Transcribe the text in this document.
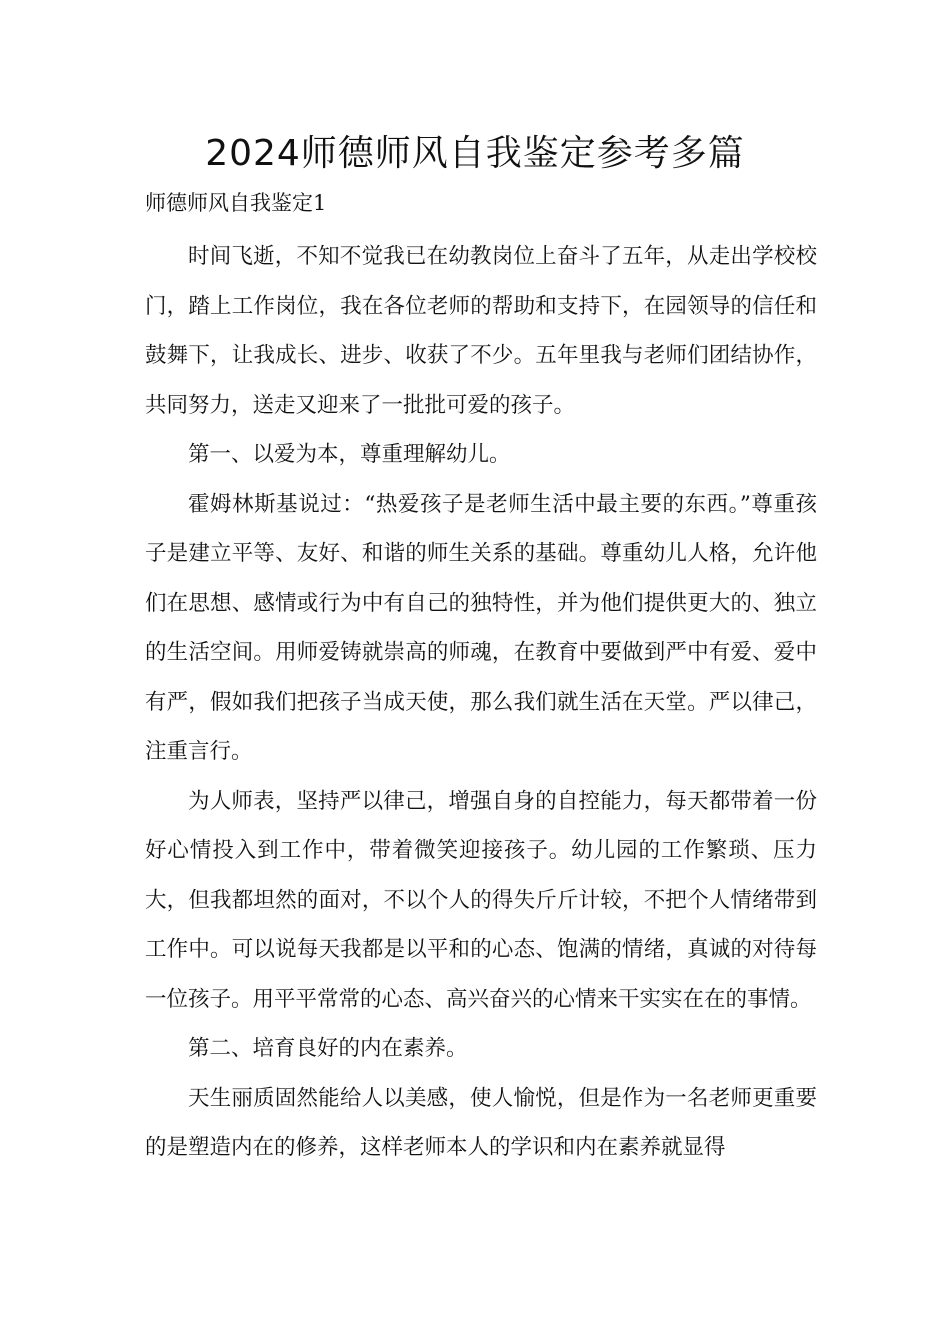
2024师德师风自我鉴定参考多篇
师德师风自我鉴定1

时间飞逝，不知不觉我已在幼教岗位上奋斗了五年，从走出学校校门，踏上工作岗位，我在各位老师的帮助和支持下，在园领导的信任和鼓舞下，让我成长、进步、收获了不少。五年里我与老师们团结协作，共同努力，送走又迎来了一批批可爱的孩子。

第一、以爱为本，尊重理解幼儿。

霍姆林斯基说过：“热爱孩子是老师生活中最主要的东西。”尊重孩子是建立平等、友好、和谐的师生关系的基础。尊重幼儿人格，允许他们在思想、感情或行为中有自己的独特性，并为他们提供更大的、独立的生活空间。用师爱铸就崇高的师魂，在教育中要做到严中有爱、爱中有严，假如我们把孩子当成天使，那么我们就生活在天堂。严以律己，注重言行。

为人师表，坚持严以律己，增强自身的自控能力，每天都带着一份好心情投入到工作中，带着微笑迎接孩子。幼儿园的工作繁琐、压力大，但我都坦然的面对，不以个人的得失斤斤计较，不把个人情绪带到工作中。可以说每天我都是以平和的心态、饱满的情绪，真诚的对待每一位孩子。用平平常常的心态、高兴奋兴的心情来干实实在在的事情。

第二、培育良好的内在素养。

天生丽质固然能给人以美感，使人愉悦，但是作为一名老师更重要的是塑造内在的修养，这样老师本人的学识和内在素养就显得
